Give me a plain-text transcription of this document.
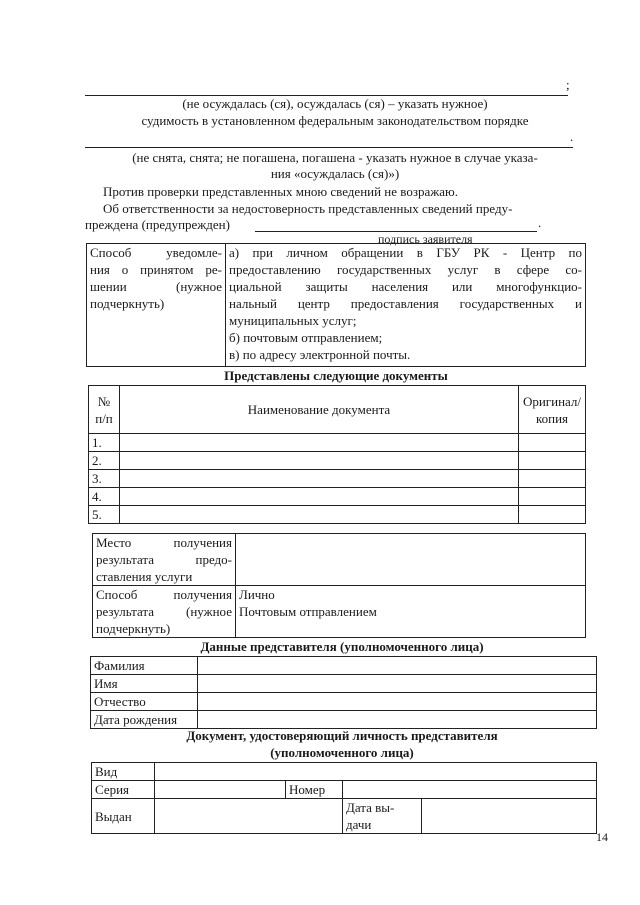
;
(не осуждалась (ся), осуждалась (ся) – указать нужное)
судимость в установленном федеральным законодательством порядке
.
(не снята, снята; не погашена, погашена - указать нужное в случае указа-
ния «осуждалась (ся)»)
Против проверки представленных мною сведений не возражаю.
Об ответственности за недостоверность представленных сведений преду-
преждена (предупрежден)	.
подпись заявителя
Способ уведомле-
ния о принятом ре-
шении (нужное
подчеркнуть)

а) при личном обращении в ГБУ РК - Центр по
предоставлению государственных услуг в сфере со-
циальной защиты населения или многофункцио-
нальный центр предоставления государственных и
муниципальных услуг;
б) почтовым отправлением;
в) по адресу электронной почты.
Представлены следующие документы
№ п/п	Наименование документа	Оригинал/ копия
1.		
2.		
3.		
4.		
5.		
Место получения
результата предо-
ставления услуги	

Способ получения
результата (нужное
подчеркнуть)	Лично
Почтовым отправлением
Данные представителя (уполномоченного лица)
Фамилия	
Имя	
Отчество	
Дата рождения	
Документ, удостоверяющий личность представителя
(уполномоченного лица)
Вид				
Серия		Номер		
Выдан			Дата вы-
дачи	

14
